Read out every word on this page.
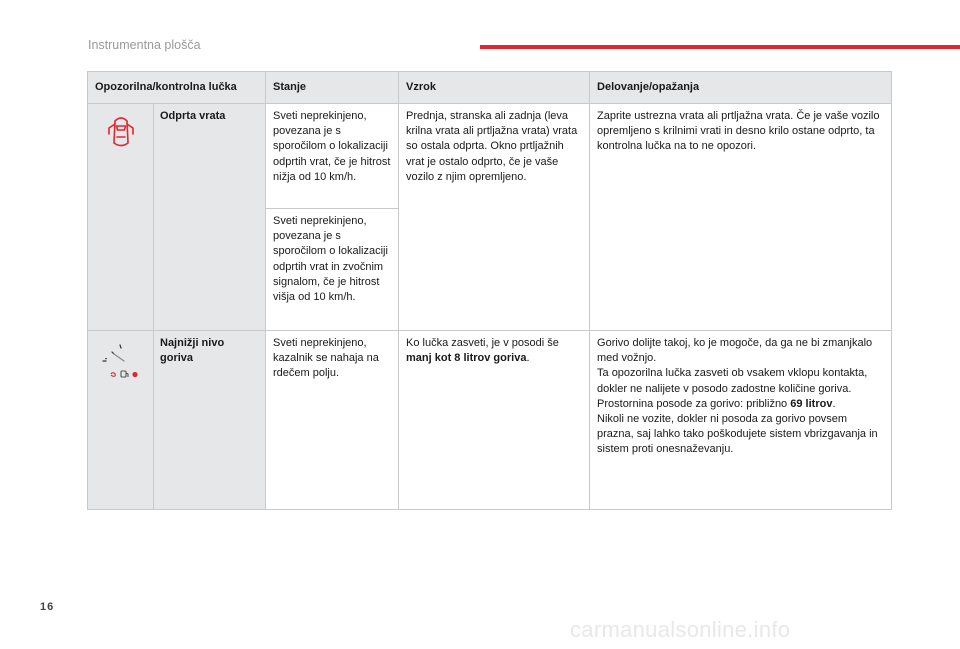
Instrumentna plošča
Opozorilna/kontrolna lučka		Stanje	Vzrok	Delovanje/opažanja

	Odprta vrata	Sveti neprekinjeno, povezana je s sporočilom o lokalizaciji odprtih vrat, če je hitrost nižja od 10 km/h.	Prednja, stranska ali zadnja (leva krilna vrata ali prtljažna vrata) vrata so ostala odprta. Okno prtljažnih vrat je ostalo odprto, če je vaše vozilo z njim opremljeno.	Zaprite ustrezna vrata ali prtljažna vrata. Če je vaše vozilo opremljeno s krilnimi vrati in desno krilo ostane odprto, ta kontrolna lučka na to ne opozori.
		Sveti neprekinjeno, povezana je s sporočilom o lokalizaciji odprtih vrat in zvočnim signalom, če je hitrost višja od 10 km/h.		

	Najnižji nivo goriva	Sveti neprekinjeno, kazalnik se nahaja na rdečem polju.	Ko lučka zasveti, je v posodi še manj kot 8 litrov goriva.	Gorivo dolijte takoj, ko je mogoče, da ga ne bi zmanjkalo med vožnjo.
Ta opozorilna lučka zasveti ob vsakem vklopu kontakta, dokler ne nalijete v posodo zadostne količine goriva.
Prostornina posode za gorivo: približno 69 litrov.
Nikoli ne vozite, dokler ni posoda za gorivo povsem prazna, saj lahko tako poškodujete sistem vbrizgavanja in sistem proti onesnaževanju.
16
carmanualsonline.info
